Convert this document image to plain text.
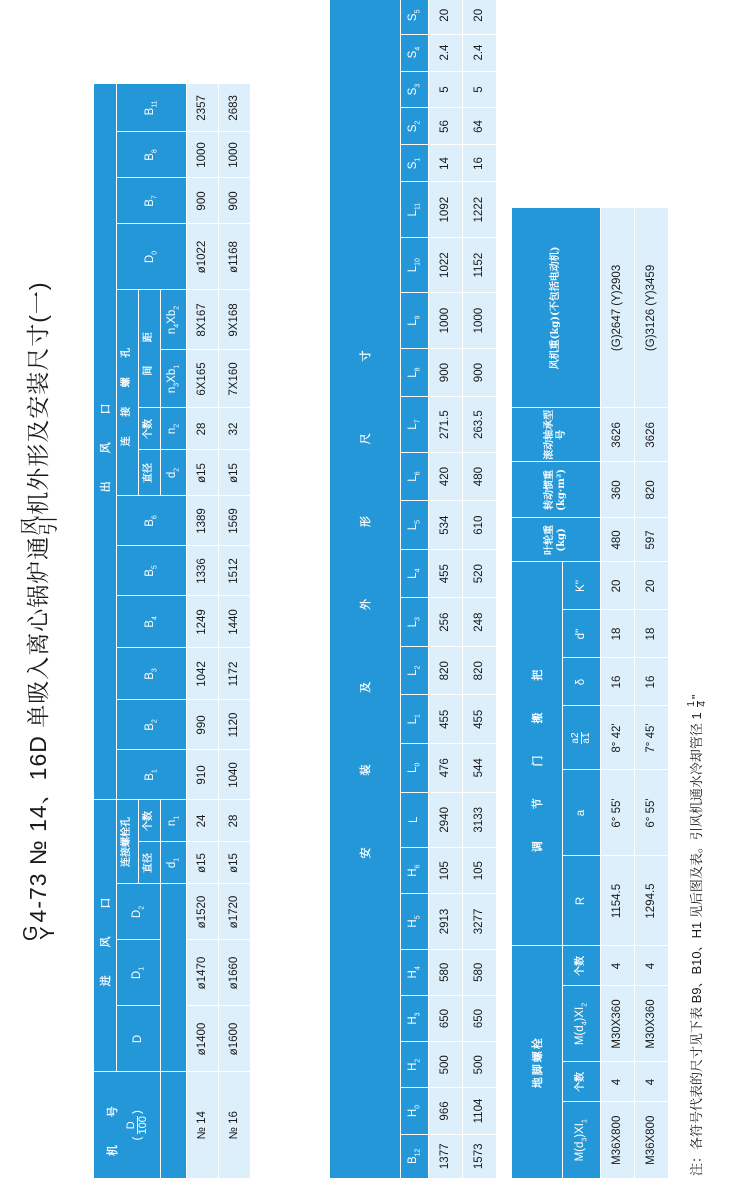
G
Y4-73 № 14、16D 单吸入离心锅炉通风
引机外形及安装尺寸(一)
机 号 (D
100)	进 风 口					出 风 口													
	D	$D_1$	$D_2$	连接螺栓孔		$B_1$	$B_2$	$B_3$	$B_4$	$B_5$	$B_6$	连 接 螺 孔				$D_0$	$B_7$	$B_8$	$B_{11}$
				直径	个数							直径	个数	间 距					
				$d_1$	$n_1$							$d_2$	$n_2$	$n_3Xb_1$	$n_4Xb_2$
№ 14	ø1400	ø1470	ø1520	ø15	24	910	990	1042	1249	1336	1389	ø15	28	6X165	8X167	ø1022	900	1000	2357
№ 16	ø1600	ø1660	ø1720	ø15	28	1040	1120	1172	1440	1512	1569	ø15	32	7X160	9X168	ø1168	900	1000	2683
安 装 及 外 形 尺 寸																								
$B_{12}$	$H_0$	$H_2$	$H_3$	$H_4$	$H_5$	$H_6$	L	$L_0$	$L_1$	$L_2$	$L_3$	$L_4$	$L_5$	$L_6$	$L_7$	$L_8$	$L_9$	$L_{10}$	$L_{11}$	$S_1$	$S_2$	$S_3$	$S_4$	$S_5$
1377	966	500	650	580	2913	105	2940	476	455	820	256	455	534	420	271.5	900	1000	1022	1092	14	56	5	2.4	20
1573	1104	500	650	580	3277	105	3133	544	455	820	248	520	610	480	263.5	900	1000	1152	1222	16	64	5	2.4	20
地脚螺栓				调 节 门 搬 把						叶轮重(kg)	转动惯重(kg·m²)	滚动轴承型号	风机重(kg)(不包括电动机)
$M(d_3)XI_1$	个数	$M(d_4)XI_2$	个数	R	a	a2
a1	δ	d''	K''				
M36X800	4	M30X360	4	1154.5	6° 55'	8° 42'	16	18	20	480	360	3626	(G)2647 (Y)2903
M36X800	4	M30X360	4	1294.5	6° 55'	7° 45'	16	18	20	597	820	3626	(G)3126 (Y)3459
注：各符号代表的尺寸见下表 B9、B10、H1 见后图及表。引风机通水冷却管径 1 1
4"
